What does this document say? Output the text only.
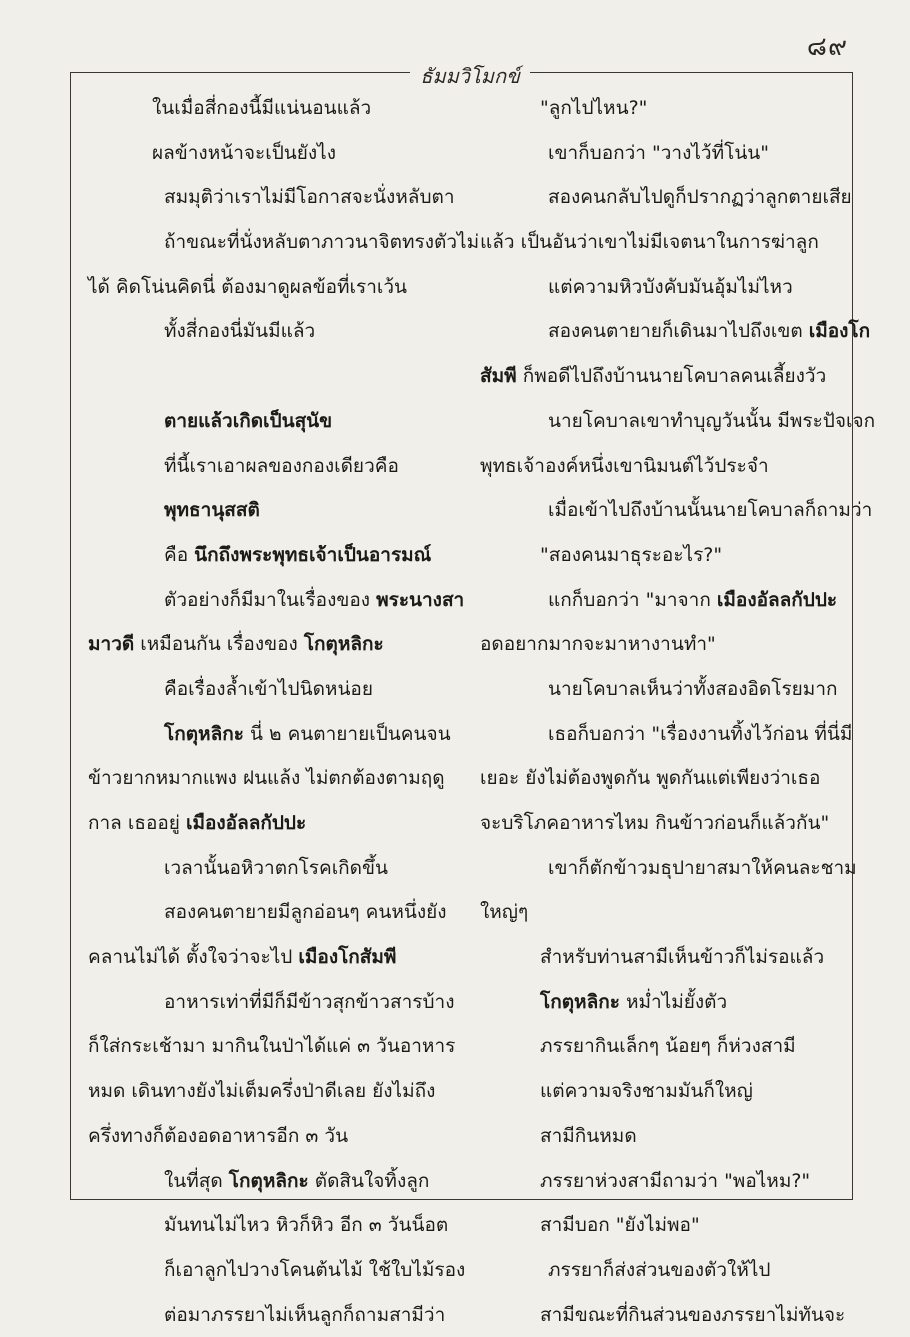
๘๙
ธัมมวิโมกข์
ในเมื่อสี่กองนี้มีแน่นอนแล้ว
ผลข้างหน้าจะเป็นยังไง
สมมุติว่าเราไม่มีโอกาสจะนั่งหลับตา
ถ้าขณะที่นั่งหลับตาภาวนาจิตทรงตัวไม่
ได้ คิดโน่นคิดนี่ ต้องมาดูผลข้อที่เราเว้น
ทั้งสี่กองนี่มันมีแล้ว
ตายแล้วเกิดเป็นสุนัข
ที่นี้เราเอาผลของกองเดียวคือ
พุทธานุสสติ
คือ นึกถึงพระพุทธเจ้าเป็นอารมณ์
ตัวอย่างก็มีมาในเรื่องของ พระนางสา
มาวดี เหมือนกัน เรื่องของ โกตุหลิกะ
คือเรื่องล้ำเข้าไปนิดหน่อย
โกตุหลิกะ นี่ ๒ คนตายายเป็นคนจน
ข้าวยากหมากแพง ฝนแล้ง ไม่ตกต้องตามฤดู
กาล เธออยู่ เมืองอัลลกัปปะ
เวลานั้นอหิวาตกโรคเกิดขึ้น
สองคนตายายมีลูกอ่อนๆ คนหนึ่งยัง
คลานไม่ได้ ตั้งใจว่าจะไป เมืองโกสัมพี
อาหารเท่าที่มีก็มีข้าวสุกข้าวสารบ้าง
ก็ใส่กระเช้ามา มากินในป่าได้แค่ ๓ วันอาหาร
หมด เดินทางยังไม่เต็มครึ่งป่าดีเลย ยังไม่ถึง
ครึ่งทางก็ต้องอดอาหารอีก ๓ วัน
ในที่สุด โกตุหลิกะ ตัดสินใจทิ้งลูก
มันทนไม่ไหว หิวก็หิว อีก ๓ วันน็อต
ก็เอาลูกไปวางโคนต้นไม้ ใช้ใบไม้รอง
ต่อมาภรรยาไม่เห็นลูกก็ถามสามีว่า
"ลูกไปไหน?"
เขาก็บอกว่า "วางไว้ที่โน่น"
สองคนกลับไปดูก็ปรากฏว่าลูกตายเสีย
แล้ว เป็นอันว่าเขาไม่มีเจตนาในการฆ่าลูก
แต่ความหิวบังคับมันอุ้มไม่ไหว
สองคนตายายก็เดินมาไปถึงเขต เมืองโก
สัมพี ก็พอดีไปถึงบ้านนายโคบาลคนเลี้ยงวัว
นายโคบาลเขาทำบุญวันนั้น มีพระปัจเจก
พุทธเจ้าองค์หนึ่งเขานิมนต์ไว้ประจำ
เมื่อเข้าไปถึงบ้านนั้นนายโคบาลก็ถามว่า
"สองคนมาธุระอะไร?"
แกก็บอกว่า "มาจาก เมืองอัลลกัปปะ
อดอยากมากจะมาหางานทำ"
นายโคบาลเห็นว่าทั้งสองอิดโรยมาก
เธอก็บอกว่า "เรื่องงานทิ้งไว้ก่อน ที่นี่มี
เยอะ ยังไม่ต้องพูดกัน พูดกันแต่เพียงว่าเธอ
จะบริโภคอาหารไหม กินข้าวก่อนก็แล้วกัน"
เขาก็ตักข้าวมธุปายาสมาให้คนละชาม
ใหญ่ๆ
สำหรับท่านสามีเห็นข้าวก็ไม่รอแล้ว
โกตุหลิกะ หม่ำไม่ยั้งตัว
ภรรยากินเล็กๆ น้อยๆ ก็ห่วงสามี
แต่ความจริงชามมันก็ใหญ่
สามีกินหมด
ภรรยาห่วงสามีถามว่า "พอไหม?"
สามีบอก "ยังไม่พอ"
ภรรยาก็ส่งส่วนของตัวให้ไป
สามีขณะที่กินส่วนของภรรยาไม่ทันจะ
